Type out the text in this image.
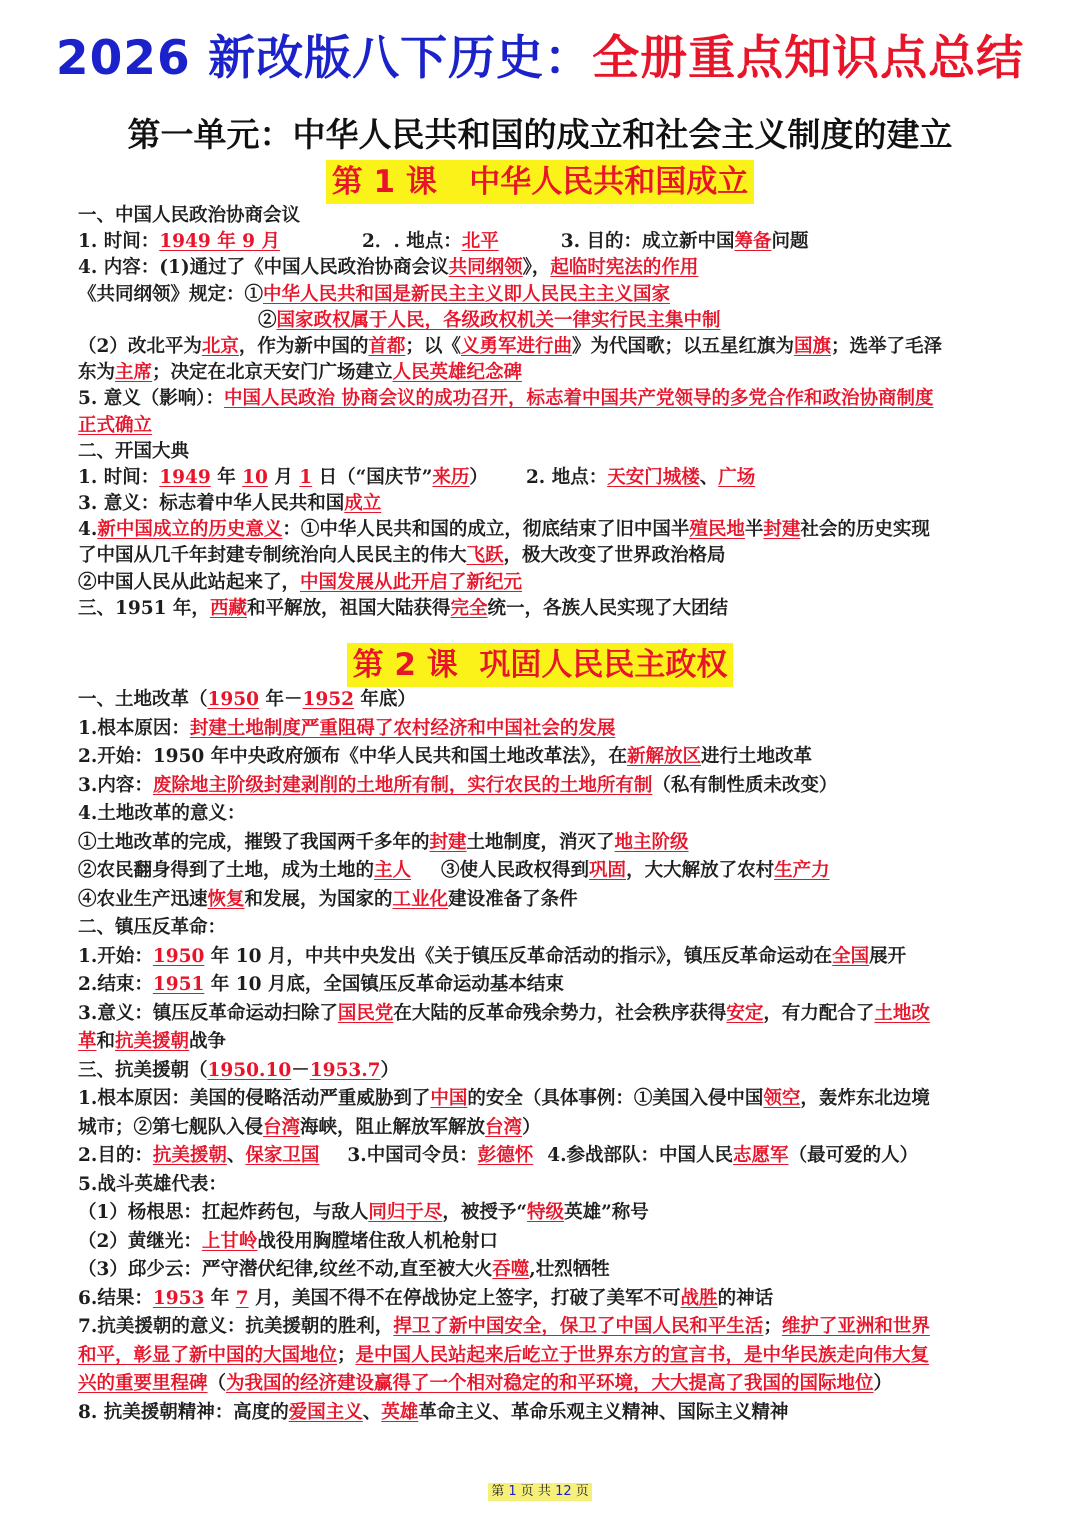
2026 新改版八下历史：全册重点知识点总结
第一单元：中华人民共和国的成立和社会主义制度的建立
第 1 课   中华人民共和国成立
一、中国人民政治协商会议
1. 时间：1949 年 9 月	2．. 地点：北平	3. 目的：成立新中国筹备问题
4. 内容：(1)通过了《中国人民政治协商会议共同纲领》，起临时宪法的作用
《共同纲领》规定：①中华人民共和国是新民主主义即人民民主主义国家
②国家政权属于人民，各级政权机关一律实行民主集中制
（2）改北平为北京，作为新中国的首都；以《义勇军进行曲》为代国歌；以五星红旗为国旗；选举了毛泽
东为主席；决定在北京天安门广场建立人民英雄纪念碑
5. 意义（影响）：中国人民政治 协商会议的成功召开，标志着中国共产党领导的多党合作和政治协商制度
正式确立
二、开国大典
1. 时间：1949 年 10 月 1 日（“国庆节”来历） 2. 地点：天安门城楼、广场
3. 意义：标志着中华人民共和国成立
4.新中国成立的历史意义：①中华人民共和国的成立，彻底结束了旧中国半殖民地半封建社会的历史实现
了中国从几千年封建专制统治向人民民主的伟大飞跃，极大改变了世界政治格局
②中国人民从此站起来了，中国发展从此开启了新纪元
三、1951 年，西藏和平解放，祖国大陆获得完全统一，各族人民实现了大团结
第 2 课  巩固人民民主政权
一、土地改革（1950 年－1952 年底）
1.根本原因：封建土地制度严重阻碍了农村经济和中国社会的发展
2.开始：1950 年中央政府颁布《中华人民共和国土地改革法》，在新解放区进行土地改革
3.内容：废除地主阶级封建剥削的土地所有制，实行农民的土地所有制（私有制性质未改变）
4.土地改革的意义：
①土地改革的完成，摧毁了我国两千多年的封建土地制度，消灭了地主阶级
②农民翻身得到了土地，成为土地的主人 ③使人民政权得到巩固，大大解放了农村生产力
④农业生产迅速恢复和发展，为国家的工业化建设准备了条件
二、镇压反革命：
1.开始：1950 年 10 月，中共中央发出《关于镇压反革命活动的指示》，镇压反革命运动在全国展开
2.结束：1951 年 10 月底，全国镇压反革命运动基本结束
3.意义：镇压反革命运动扫除了国民党在大陆的反革命残余势力，社会秩序获得安定，有力配合了土地改
革和抗美援朝战争
三、抗美援朝（1950.10－1953.7）
1.根本原因：美国的侵略活动严重威胁到了中国的安全（具体事例：①美国入侵中国领空，轰炸东北边境
城市；②第七舰队入侵台湾海峡，阻止解放军解放台湾）
2.目的：抗美援朝、保家卫国 3.中国司令员：彭德怀 4.参战部队：中国人民志愿军（最可爱的人）
5.战斗英雄代表：
（1）杨根思：扛起炸药包，与敌人同归于尽，被授予“特级英雄”称号
（2）黄继光：上甘岭战役用胸膛堵住敌人机枪射口
（3）邱少云：严守潜伏纪律,纹丝不动,直至被大火吞噬,壮烈牺牲
6.结果：1953 年 7 月，美国不得不在停战协定上签字，打破了美军不可战胜的神话
7.抗美援朝的意义：抗美援朝的胜利，捍卫了新中国安全，保卫了中国人民和平生活；维护了亚洲和世界
和平，彰显了新中国的大国地位；是中国人民站起来后屹立于世界东方的宣言书，是中华民族走向伟大复
兴的重要里程碑（为我国的经济建设赢得了一个相对稳定的和平环境，大大提高了我国的国际地位）
8. 抗美援朝精神：高度的爱国主义、英雄革命主义、革命乐观主义精神、国际主义精神
第 1 页 共 12 页
